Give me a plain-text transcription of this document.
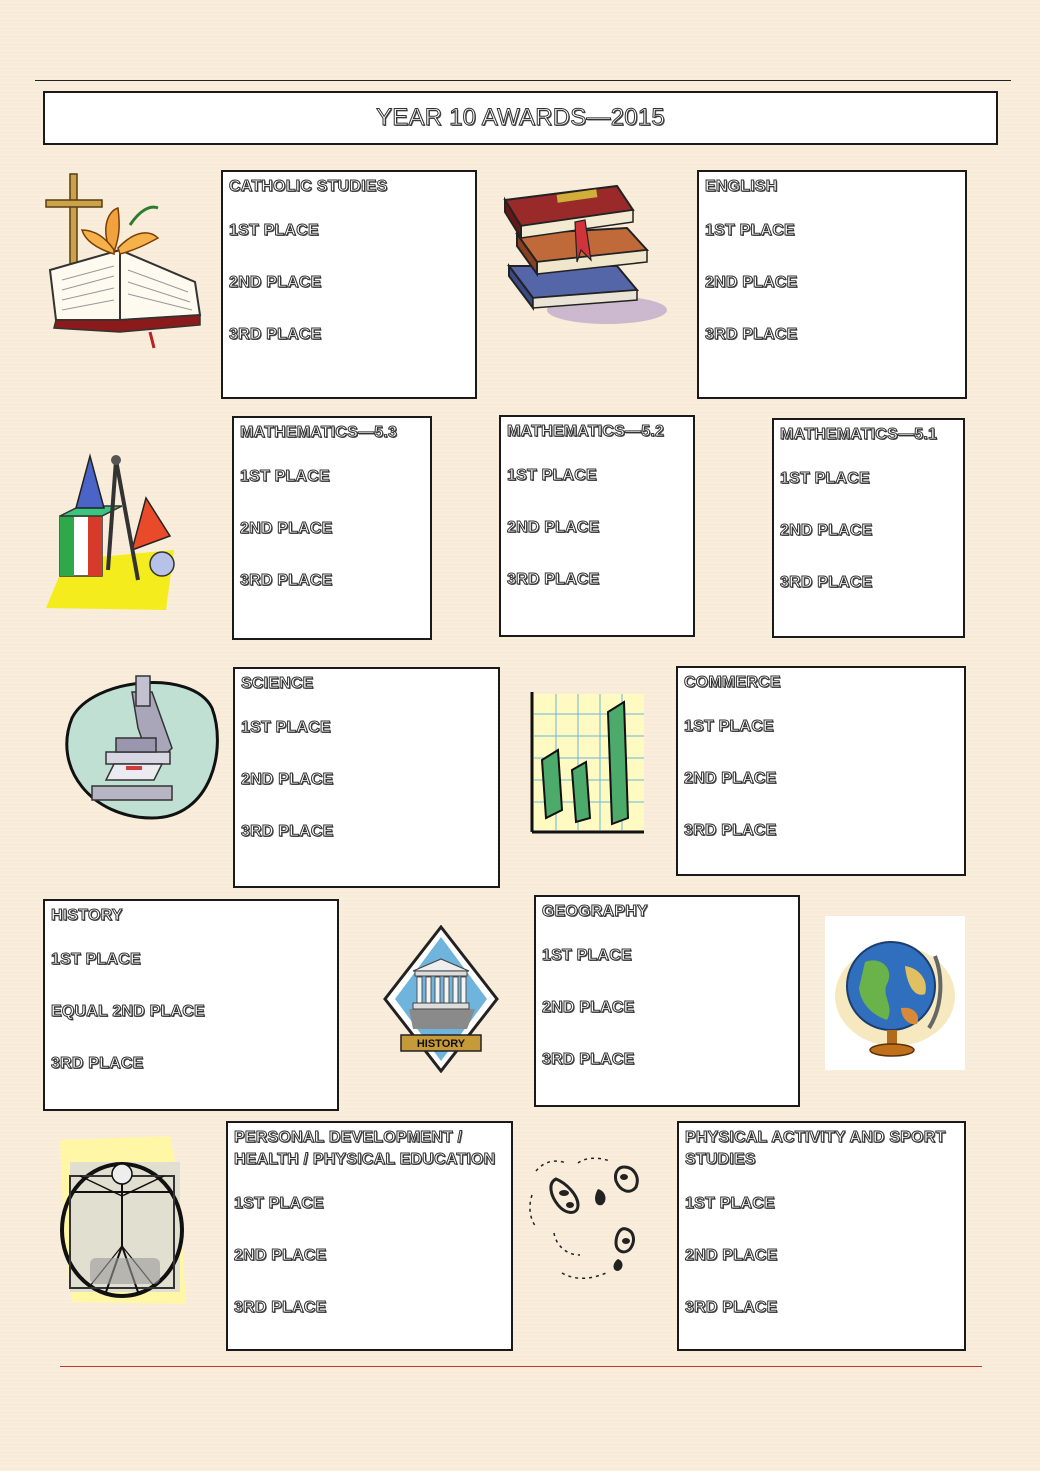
YEAR 10 AWARDS—2015
CATHOLIC STUDIES
1ST PLACE
2ND PLACE
3RD PLACE
ENGLISH
1ST PLACE
2ND PLACE
3RD PLACE
MATHEMATICS—5.3
1ST PLACE
2ND PLACE
3RD PLACE
MATHEMATICS—5.2
1ST PLACE
2ND PLACE
3RD PLACE
MATHEMATICS—5.1
1ST PLACE
2ND PLACE
3RD PLACE
SCIENCE
1ST PLACE
2ND PLACE
3RD PLACE
COMMERCE
1ST PLACE
2ND PLACE
3RD PLACE
HISTORY
1ST PLACE
EQUAL 2ND PLACE
3RD PLACE
GEOGRAPHY
1ST PLACE
2ND PLACE
3RD PLACE
PERSONAL DEVELOPMENT /
HEALTH / PHYSICAL EDUCATION
1ST PLACE
2ND PLACE
3RD PLACE
PHYSICAL ACTIVITY AND SPORT
STUDIES
1ST PLACE
2ND PLACE
3RD PLACE
HISTORY
